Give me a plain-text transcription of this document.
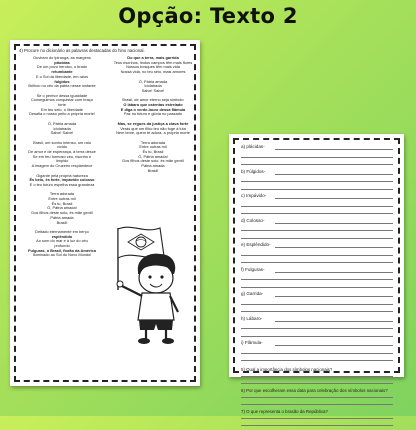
Opção: Texto 2
4) Procure no dicionário as palavras destacadas do hino nacional.
Ouviram do Ipiranga, as margens
plácidas
De um povo heroico, o brado
retumbante
E o Sol da liberdade, em raios
fúlgidos
Brilhou no céu da pátria nesse instante
Se o penhor dessa igualdade
Conseguimos conquistar com braço
forte
Em teu seio, ó liberdade
Desafia o nosso peito a própria morte!
Ó, Pátria amada
Idolatrada
Salve! Salve!
Brasil, um sonho intenso, um raio
vívido
De amor e de esperança, à terra desce
Se em teu formoso céu, risonho e
límpido
A imagem do Cruzeiro resplandece
Gigante pela própria natureza
És belo, és forte, impávido colosso
E o teu futuro espelha essa grandeza
Terra adorada
Entre outras mil
És tu, Brasil
Ó, Pátria amada!
Dos filhos deste solo, és mãe gentil
Pátria amada
Brasil!
Deitado eternamente em berço
esplêndido
Ao som do mar e à luz do céu
profundo
Fulguras, ó Brasil, florão da América
Iluminado ao Sol do Novo Mundo!
Do que a terra, mais garrida
Teus risonhos, lindos campos têm mais flores
Nossos bosques têm mais vida
Nossa vida, no teu seio, mais amores
Ó, Pátria amada
Idolatrada
Salve! Salve!
Brasil, de amor eterno seja símbolo
O lábaro que ostentas estrelado
E diga o verde-louro dessa flâmula
Paz no futuro e glória no passado
Mas, se ergues da justiça a clava forte
Verás que um filho teu não foge à luta
Nem teme, quem te adora, a própria morte
Terra adorada
Entre outras mil
És tu, Brasil
Ó, Pátria amada!
Dos filhos deste solo, és mãe gentil
Pátria amada
Brasil!
a) plácidas-
b) Fúlgidos-
c) Impávido-
d) Colosso-
e) Esplêndido-
f) Fulguras-
g) Garrida-
h) Lábaro-
i) Flâmula-
5) Qual a importância dos símbolos nacionais?
6) Por que escolheram essa data para celebração dos símbolos nacionais?
7) O que representa o brasão da República?
